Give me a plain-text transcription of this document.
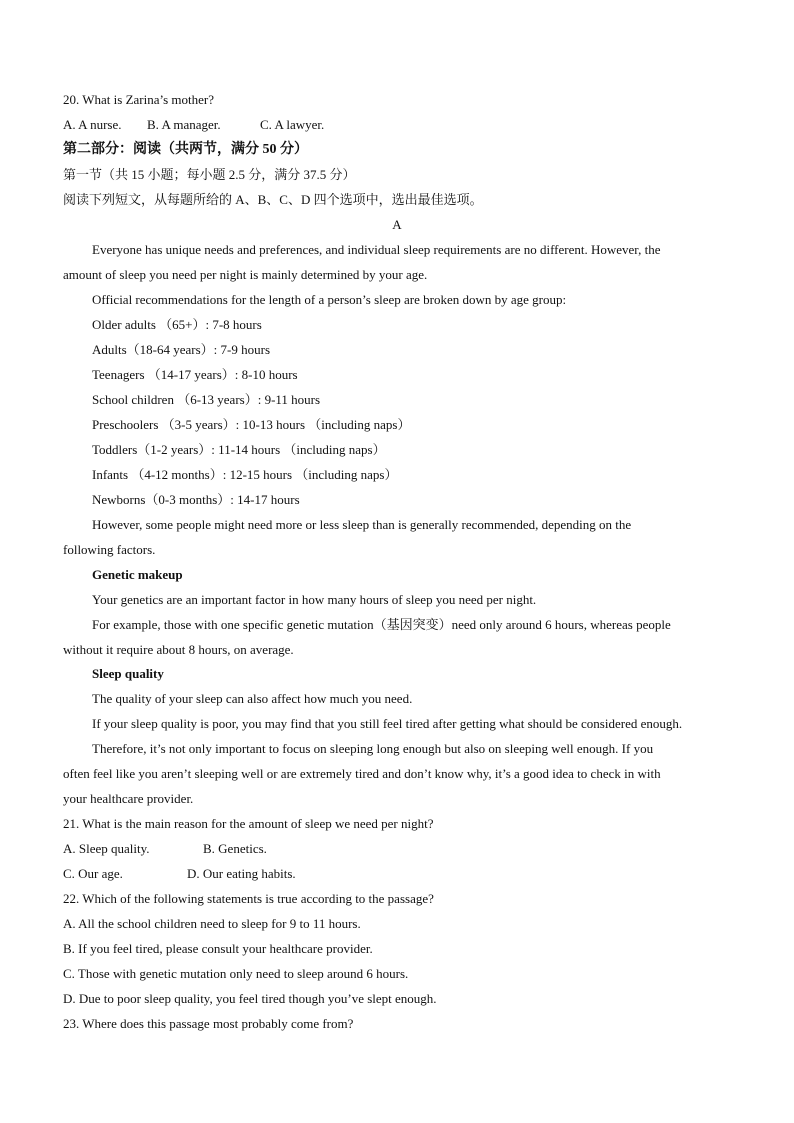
20. What is Zarina’s mother?
A. A nurse. B. A manager.	C. A lawyer.
第二部分：阅读（共两节，满分 50 分）
第一节（共 15 小题；每小题 2.5 分，满分 37.5 分）
阅读下列短文，从每题所给的 A、B、C、D 四个选项中，选出最佳选项。
A
Everyone has unique needs and preferences, and individual sleep requirements are no different. However, the
amount of sleep you need per night is mainly determined by your age.
Official recommendations for the length of a person’s sleep are broken down by age group:
Older adults （65+）: 7-8 hours
Adults（18-64 years）: 7-9 hours
Teenagers （14-17 years）: 8-10 hours
School children （6-13 years）: 9-11 hours
Preschoolers （3-5 years）: 10-13 hours （including naps）
Toddlers（1-2 years）: 11-14 hours （including naps）
Infants （4-12 months）: 12-15 hours （including naps）
Newborns（0-3 months）: 14-17 hours
However, some people might need more or less sleep than is generally recommended, depending on the
following factors.
Genetic makeup
Your genetics are an important factor in how many hours of sleep you need per night.
For example, those with one specific genetic mutation（基因突变）need only around 6 hours, whereas people
without it require about 8 hours, on average.
Sleep quality
The quality of your sleep can also affect how much you need.
If your sleep quality is poor, you may find that you still feel tired after getting what should be considered enough.
Therefore, it’s not only important to focus on sleeping long enough but also on sleeping well enough. If you
often feel like you aren’t sleeping well or are extremely tired and don’t know why, it’s a good idea to check in with
your healthcare provider.
21. What is the main reason for the amount of sleep we need per night?
A. Sleep quality.	B. Genetics.
C. Our age.	D. Our eating habits.
22. Which of the following statements is true according to the passage?
A. All the school children need to sleep for 9 to 11 hours.
B. If you feel tired, please consult your healthcare provider.
C. Those with genetic mutation only need to sleep around 6 hours.
D. Due to poor sleep quality, you feel tired though you’ve slept enough.
23. Where does this passage most probably come from?
